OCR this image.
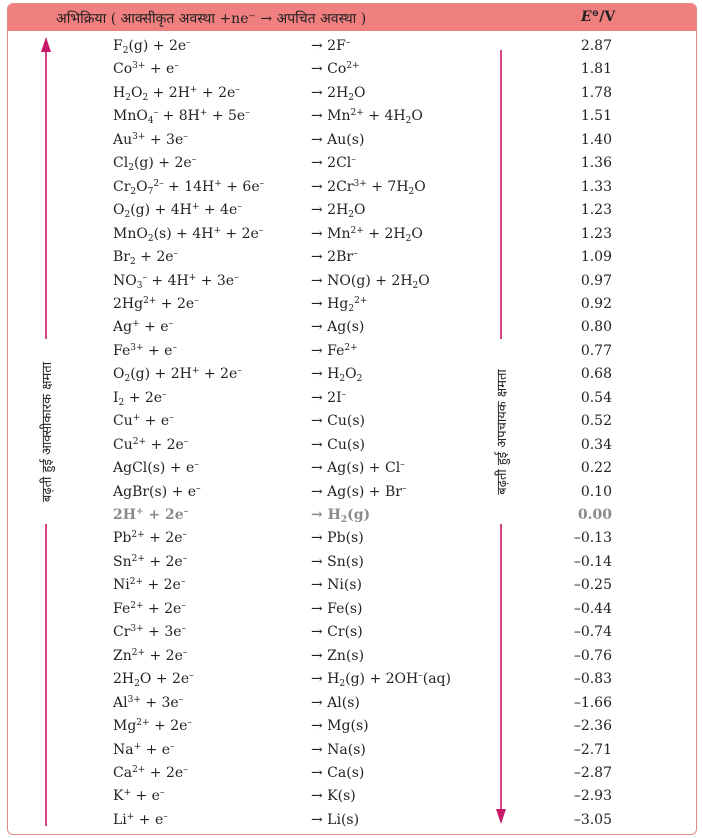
अभिक्रिया ( आक्सीकृत अवस्था +ne⁻ → अपचित अवस्था )	E⊖/V
बढ़ती हुई आक्सीकारक क्षमता	बढ़ती हुई अपचायक क्षमता
$F_2(g) + 2e^-$	→ 2F–	2.87
$Co^{3+} + e^-$	→ $Co^{2+}$	1.81
$H_2O_2 + 2H^+ + 2e^-$	→ $2H_2O$	1.78
MnO$_4$– + 8H+ + 5e–	→ $Mn^{2+} + 4H_2O$	1.51
$Au^{3+} + 3e^-$	→ Au(s)	1.40
$Cl_2(g) + 2e^-$	→ 2Cl–	1.36
$Cr_2O_7^{2-} + 14H^+ + 6e^-$	→ $2Cr^{3+} + 7H_2O$	1.33
$O_2(g) + 4H^+ + 4e^-$	→ $2H_2O$	1.23
MnO$_2$(s) + 4H+ + 2e–	→ $Mn^{2+} + 2H_2O$	1.23
$Br_2 + 2e^-$	→ 2Br–	1.09
$NO_3^- + 4H^+ + 3e^-$	→ $NO(g) + 2H_2O$	0.97
$2Hg^{2+} + 2e^-$	→ $Hg_2^{2+}$	0.92
Ag+ + e–	→ Ag(s)	0.80
$Fe^{3+} + e^-$	→ $Fe^{2+}$	0.77
$O_2(g) + 2H^+ + 2e^-$	→ $H_2O_2$	0.68
$I_2 + 2e^-$	→ 2I–	0.54
Cu+ + e–	→ Cu(s)	0.52
$Cu^{2+} + 2e^-$	→ Cu(s)	0.34
AgCl(s) + e–	→ Ag(s) + Cl–	0.22
AgBr(s) + e–	→ Ag(s) + Br–	0.10
2H+ + 2e–	→ $H_2(g)$	0.00
$Pb^{2+} + 2e^-$	→ Pb(s)	–0.13
$Sn^{2+} + 2e^-$	→ Sn(s)	–0.14
$Ni^{2+} + 2e^-$	→ Ni(s)	–0.25
$Fe^{2+} + 2e^-$	→ Fe(s)	–0.44
$Cr^{3+} + 3e^-$	→ Cr(s)	–0.74
$Zn^{2+} + 2e^-$	→ Zn(s)	–0.76
$2H_2O + 2e^-$	→ $H_2(g) + 2OH^-(aq)$	–0.83
$Al^{3+} + 3e^-$	→ Al(s)	–1.66
$Mg^{2+} + 2e^-$	→ Mg(s)	–2.36
Na+ + e–	→ Na(s)	–2.71
$Ca^{2+} + 2e^-$	→ Ca(s)	–2.87
K+ + e–	→ K(s)	–2.93
Li+ + e–	→ Li(s)	–3.05
